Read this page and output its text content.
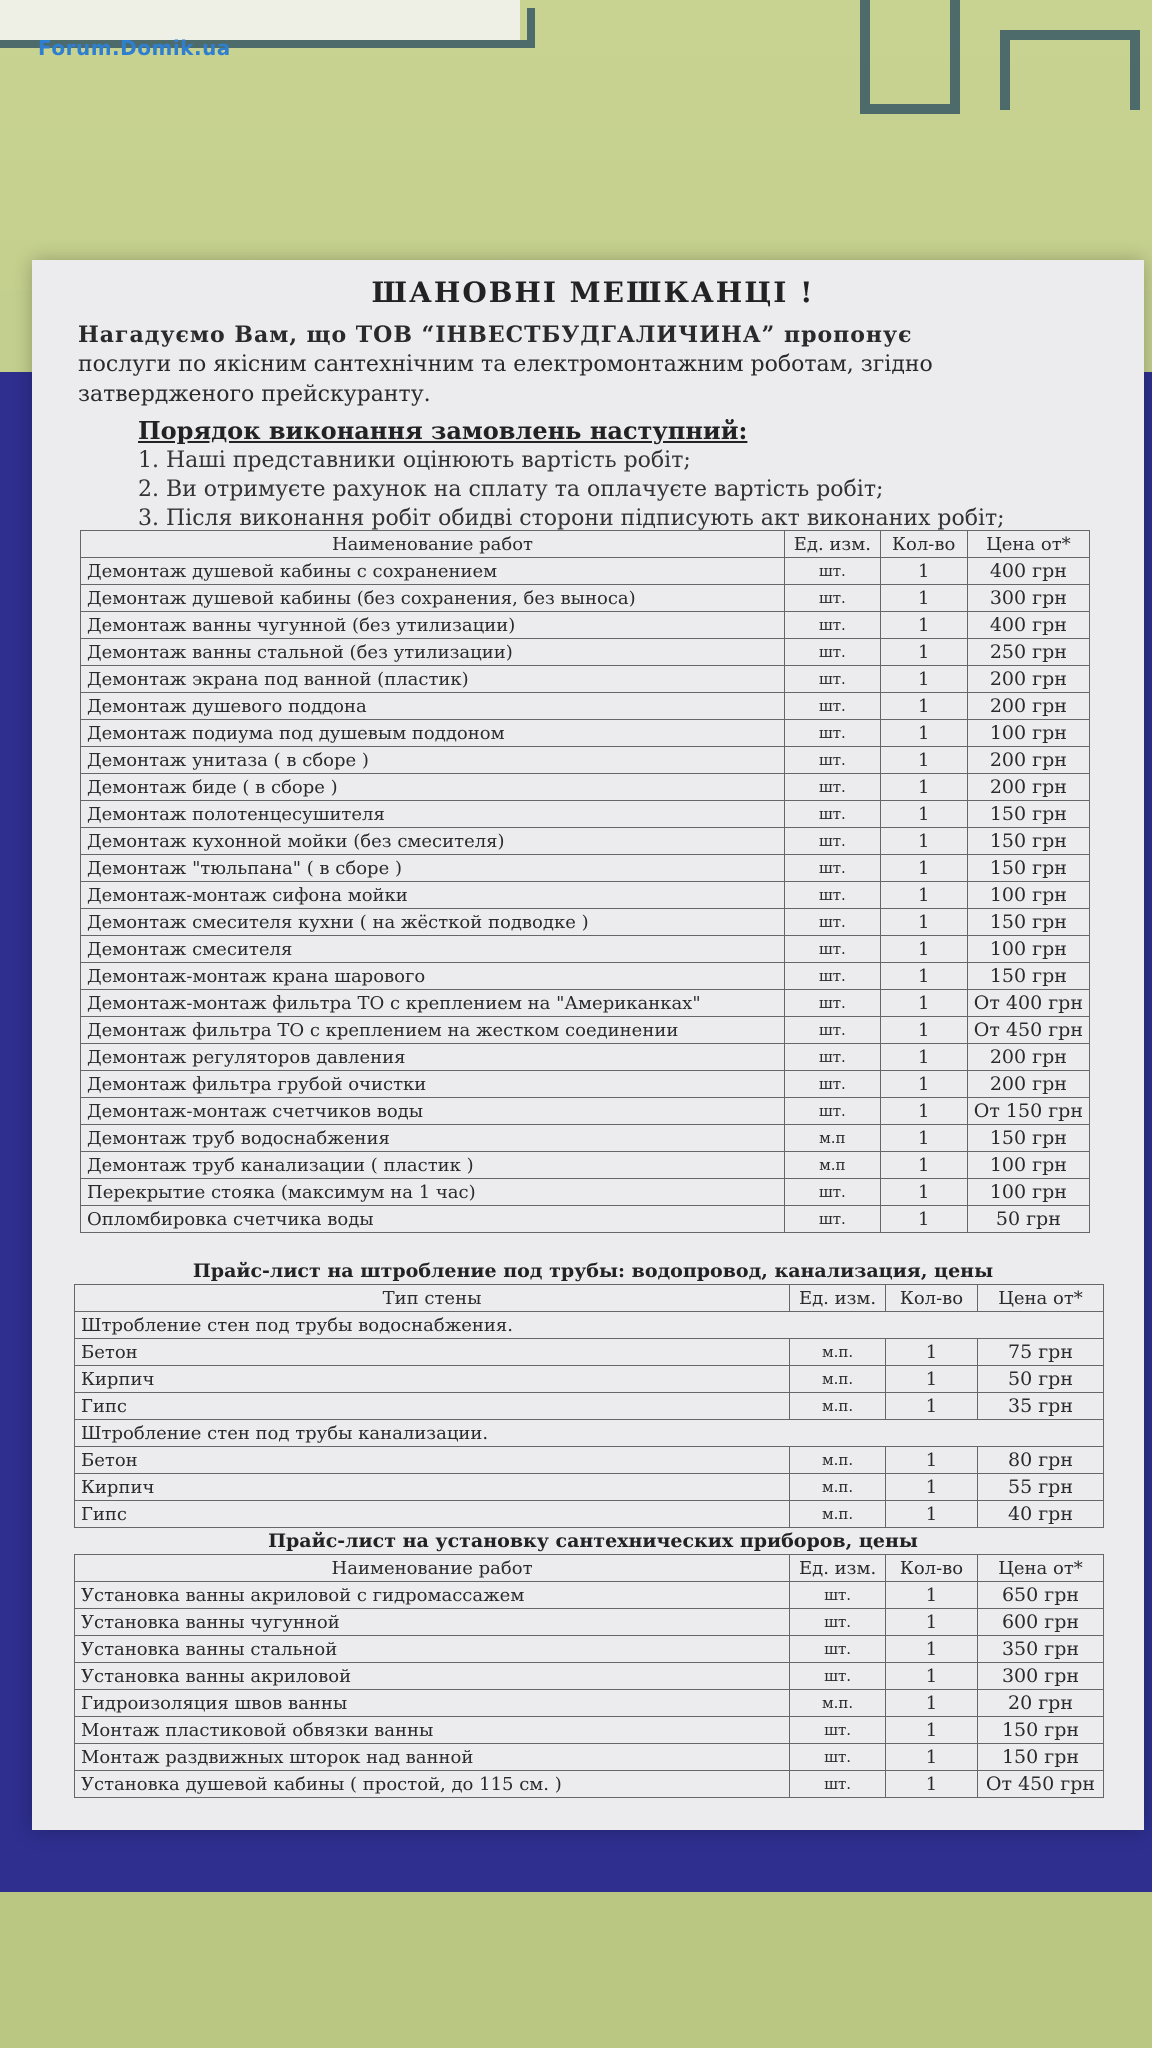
Forum.Domik.ua
ШАНОВНІ МЕШКАНЦІ !
Нагадуємо Вам, що ТОВ “ІНВЕСТБУДГАЛИЧИНА” пропонує
послуги по якісним сантехнічним та електромонтажним роботам, згідно
затвердженого прейскуранту.
Порядок виконання замовлень наступний:
1. Наші представники оцінюють вартість робіт;
2. Ви отримуєте рахунок на сплату та оплачуєте вартість робіт;
3. Після виконання робіт обидві сторони підписують акт виконаних робіт;
Наименование работ	Ед. изм.	Кол-во	Цена от*
Демонтаж душевой кабины с сохранением	шт.	1	400 грн
Демонтаж душевой кабины (без сохранения, без выноса)	шт.	1	300 грн
Демонтаж ванны чугунной (без утилизации)	шт.	1	400 грн
Демонтаж ванны стальной (без утилизации)	шт.	1	250 грн
Демонтаж экрана под ванной (пластик)	шт.	1	200 грн
Демонтаж душевого поддона	шт.	1	200 грн
Демонтаж подиума под душевым поддоном	шт.	1	100 грн
Демонтаж унитаза ( в сборе )	шт.	1	200 грн
Демонтаж биде ( в сборе )	шт.	1	200 грн
Демонтаж полотенцесушителя	шт.	1	150 грн
Демонтаж кухонной мойки (без смесителя)	шт.	1	150 грн
Демонтаж "тюльпана" ( в сборе )	шт.	1	150 грн
Демонтаж-монтаж сифона мойки	шт.	1	100 грн
Демонтаж смесителя кухни ( на жёсткой подводке )	шт.	1	150 грн
Демонтаж смесителя	шт.	1	100 грн
Демонтаж-монтаж крана шарового	шт.	1	150 грн
Демонтаж-монтаж фильтра ТО с креплением на "Американках"	шт.	1	От 400 грн
Демонтаж фильтра ТО с креплением на жестком соединении	шт.	1	От 450 грн
Демонтаж регуляторов давления	шт.	1	200 грн
Демонтаж фильтра грубой очистки	шт.	1	200 грн
Демонтаж-монтаж счетчиков воды	шт.	1	От 150 грн
Демонтаж труб водоснабжения	м.п	1	150 грн
Демонтаж труб канализации ( пластик )	м.п	1	100 грн
Перекрытие стояка (максимум на 1 час)	шт.	1	100 грн
Опломбировка счетчика воды	шт.	1	50 грн
Прайс-лист на штробление под трубы: водопровод, канализация, цены
Тип стены	Ед. изм.	Кол-во	Цена от*
Штробление стен под трубы водоснабжения.			
Бетон	м.п.	1	75 грн
Кирпич	м.п.	1	50 грн
Гипс	м.п.	1	35 грн
Штробление стен под трубы канализации.			
Бетон	м.п.	1	80 грн
Кирпич	м.п.	1	55 грн
Гипс	м.п.	1	40 грн
Прайс-лист на установку сантехнических приборов, цены
Наименование работ	Ед. изм.	Кол-во	Цена от*
Установка ванны акриловой с гидромассажем	шт.	1	650 грн
Установка ванны чугунной	шт.	1	600 грн
Установка ванны стальной	шт.	1	350 грн
Установка ванны акриловой	шт.	1	300 грн
Гидроизоляция швов ванны	м.п.	1	20 грн
Монтаж пластиковой обвязки ванны	шт.	1	150 грн
Монтаж раздвижных шторок над ванной	шт.	1	150 грн
Установка душевой кабины ( простой, до 115 см. )	шт.	1	От 450 грн
